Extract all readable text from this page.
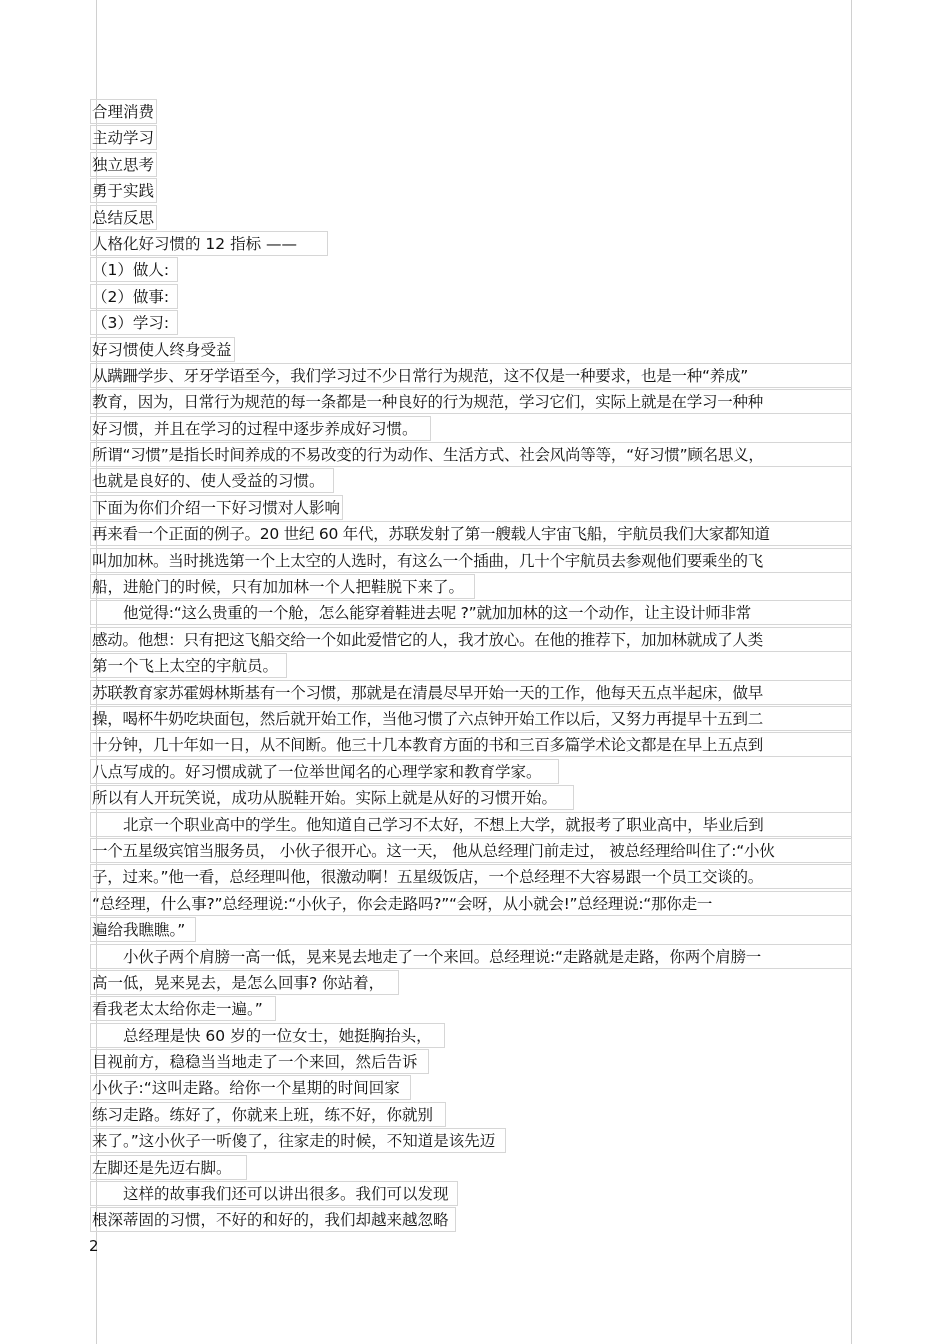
合理消费
主动学习
独立思考
勇于实践
总结反思
人格化好习惯的 12 指标 ——
（1）做人:
（2）做事:
（3）学习:
好习惯使人终身受益
从蹒跚学步、牙牙学语至今，我们学习过不少日常行为规范，这不仅是一种要求，也是一种“养成”
教育，因为，日常行为规范的每一条都是一种良好的行为规范，学习它们，实际上就是在学习一种种
好习惯，并且在学习的过程中逐步养成好习惯。
所谓“习惯”是指长时间养成的不易改变的行为动作、生活方式、社会风尚等等，“好习惯”顾名思义，
也就是良好的、使人受益的习惯。
下面为你们介绍一下好习惯对人影响
再来看一个正面的例子。20 世纪 60 年代，苏联发射了第一艘载人宇宙飞船，宇航员我们大家都知道
叫加加林。当时挑选第一个上太空的人选时，有这么一个插曲，几十个宇航员去参观他们要乘坐的飞
船，进舱门的时候，只有加加林一个人把鞋脱下来了。
他觉得:“这么贵重的一个舱，怎么能穿着鞋进去呢 ?”就加加林的这一个动作，让主设计师非常
感动。他想：只有把这飞船交给一个如此爱惜它的人，我才放心。在他的推荐下，加加林就成了人类
第一个飞上太空的宇航员。
苏联教育家苏霍姆林斯基有一个习惯，那就是在清晨尽早开始一天的工作，他每天五点半起床，做早
操，喝杯牛奶吃块面包，然后就开始工作，当他习惯了六点钟开始工作以后，又努力再提早十五到二
十分钟，几十年如一日，从不间断。他三十几本教育方面的书和三百多篇学术论文都是在早上五点到
八点写成的。好习惯成就了一位举世闻名的心理学家和教育学家。
所以有人开玩笑说，成功从脱鞋开始。实际上就是从好的习惯开始。
北京一个职业高中的学生。他知道自己学习不太好，不想上大学，就报考了职业高中，毕业后到
一个五星级宾馆当服务员， 小伙子很开心。这一天， 他从总经理门前走过， 被总经理给叫住了:“小伙
子，过来。”他一看，总经理叫他，很激动啊！五星级饭店，一个总经理不大容易跟一个员工交谈的。
“总经理，什么事?”总经理说:“小伙子，你会走路吗?”“会呀，从小就会!”总经理说:“那你走一
遍给我瞧瞧。”
小伙子两个肩膀一高一低，晃来晃去地走了一个来回。总经理说:“走路就是走路，你两个肩膀一
高一低，晃来晃去，是怎么回事? 你站着，
看我老太太给你走一遍。”
总经理是快 60 岁的一位女士，她挺胸抬头，
目视前方，稳稳当当地走了一个来回，然后告诉
小伙子:“这叫走路。给你一个星期的时间回家
练习走路。练好了，你就来上班，练不好，你就别
来了。”这小伙子一听傻了，往家走的时候，不知道是该先迈
左脚还是先迈右脚。
这样的故事我们还可以讲出很多。我们可以发现
根深蒂固的习惯，不好的和好的，我们却越来越忽略
2
